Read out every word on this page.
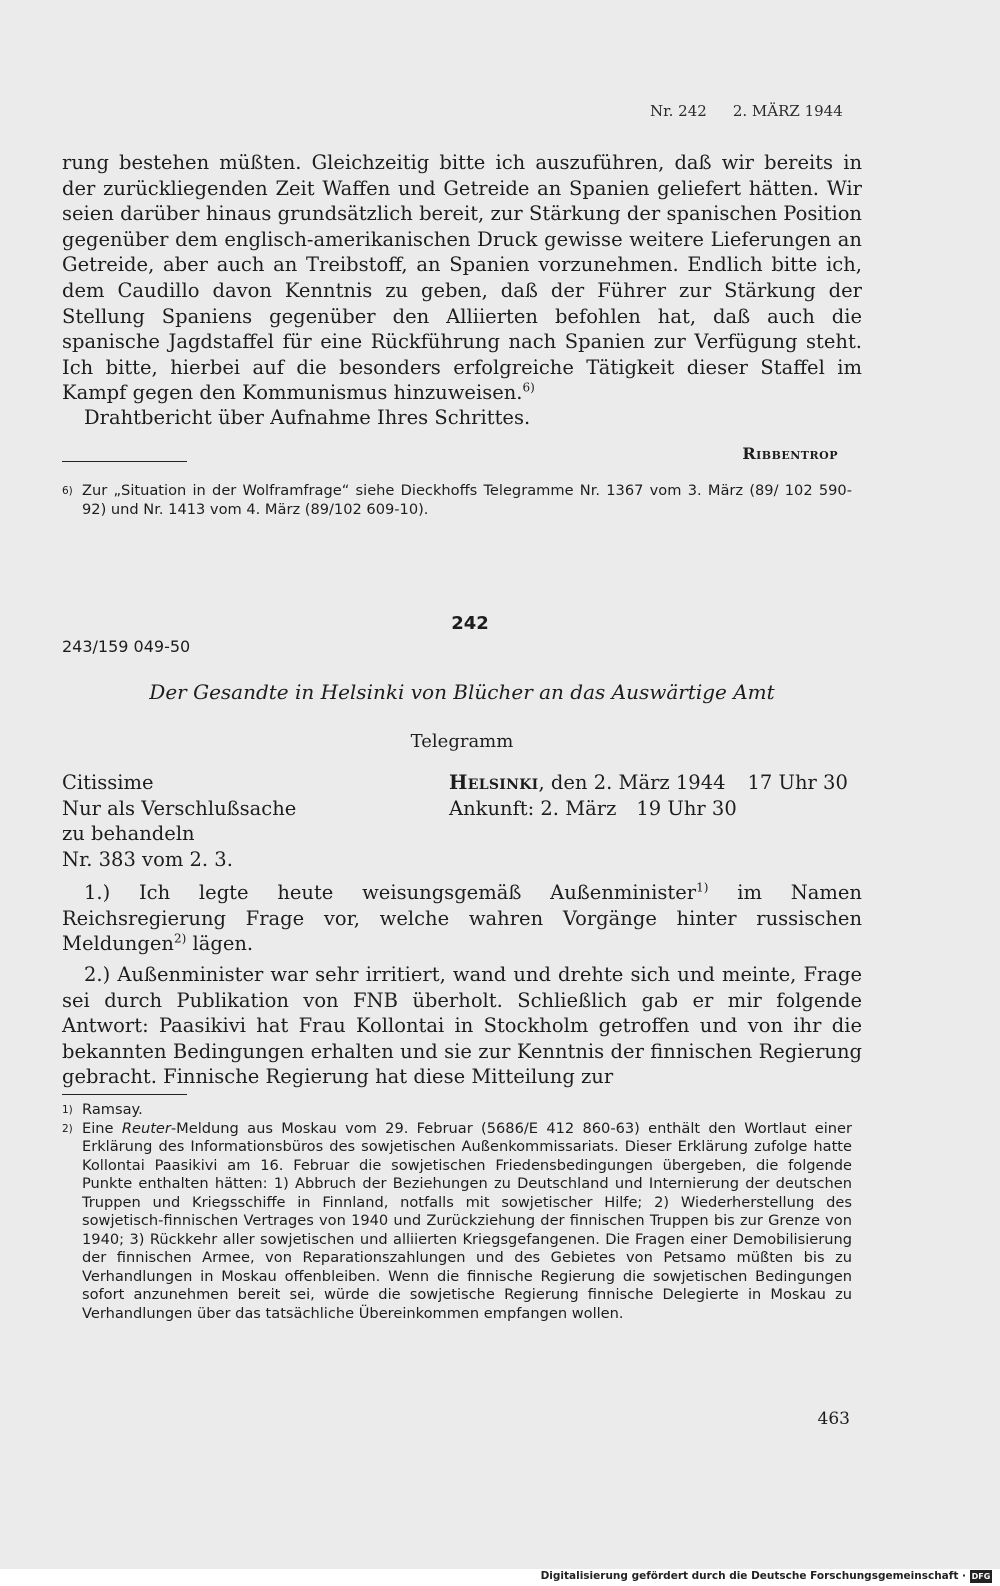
Nr. 242 2. MÄRZ 1944

rung bestehen müßten. Gleichzeitig bitte ich auszuführen, daß wir bereits in der zurückliegenden Zeit Waffen und Getreide an Spanien geliefert hätten. Wir seien darüber hinaus grundsätzlich bereit, zur Stärkung der spanischen Position gegenüber dem englisch-amerikanischen Druck gewisse weitere Lieferungen an Getreide, aber auch an Treibstoff, an Spanien vorzunehmen. Endlich bitte ich, dem Caudillo davon Kenntnis zu geben, daß der Führer zur Stärkung der Stellung Spaniens gegenüber den Alliierten befohlen hat, daß auch die spanische Jagdstaffel für eine Rückführung nach Spanien zur Verfügung steht. Ich bitte, hierbei auf die besonders erfolgreiche Tätigkeit dieser Staffel im Kampf gegen den Kommunismus hinzuweisen.$^{6)}$

Drahtbericht über Aufnahme Ihres Schrittes.

Ribbentrop
6) Zur „Situation in der Wolframfrage“ siehe Dieckhoffs Telegramme Nr. 1367 vom 3. März (89/ 102 590-92) und Nr. 1413 vom 4. März (89/102 609-10).
242
243/159 049-50
Der Gesandte in Helsinki von Blücher an das Auswärtige Amt
Telegramm
Citissime
Nur als Verschlußsache
zu behandeln
Nr. 383 vom 2. 3.
Helsinki, den 2. März 1944 17 Uhr 30
Ankunft: 2. März 19 Uhr 30

1.) Ich legte heute weisungsgemäß Außenminister$^{1)}$ im Namen Reichsregierung Frage vor, welche wahren Vorgänge hinter russischen Meldungen$^{2)}$ lägen.

2.) Außenminister war sehr irritiert, wand und drehte sich und meinte, Frage sei durch Publikation von FNB überholt. Schließlich gab er mir folgende Antwort: Paasikivi hat Frau Kollontai in Stockholm getroffen und von ihr die bekannten Bedingungen erhalten und sie zur Kenntnis der finnischen Regierung gebracht. Finnische Regierung hat diese Mitteilung zur

1) Ramsay.
2) Eine Reuter-Meldung aus Moskau vom 29. Februar (5686/E 412 860-63) enthält den Wortlaut einer Erklärung des Informationsbüros des sowjetischen Außenkommissariats. Dieser Erklärung zufolge hatte Kollontai Paasikivi am 16. Februar die sowjetischen Friedensbedingungen übergeben, die folgende Punkte enthalten hätten: 1) Abbruch der Beziehungen zu Deutschland und Internierung der deutschen Truppen und Kriegsschiffe in Finnland, notfalls mit sowjetischer Hilfe; 2) Wiederherstellung des sowjetisch-finnischen Vertrages von 1940 und Zurückziehung der finnischen Truppen bis zur Grenze von 1940; 3) Rückkehr aller sowjetischen und alliierten Kriegsgefangenen. Die Fragen einer Demobilisierung der finnischen Armee, von Reparationszahlungen und des Gebietes von Petsamo müßten bis zu Verhandlungen in Moskau offenbleiben. Wenn die finnische Regierung die sowjetischen Bedingungen sofort anzunehmen bereit sei, würde die sowjetische Regierung finnische Delegierte in Moskau zu Verhandlungen über das tatsächliche Übereinkommen empfangen wollen.
463
Digitalisierung gefördert durch die Deutsche Forschungsgemeinschaft · DFG
